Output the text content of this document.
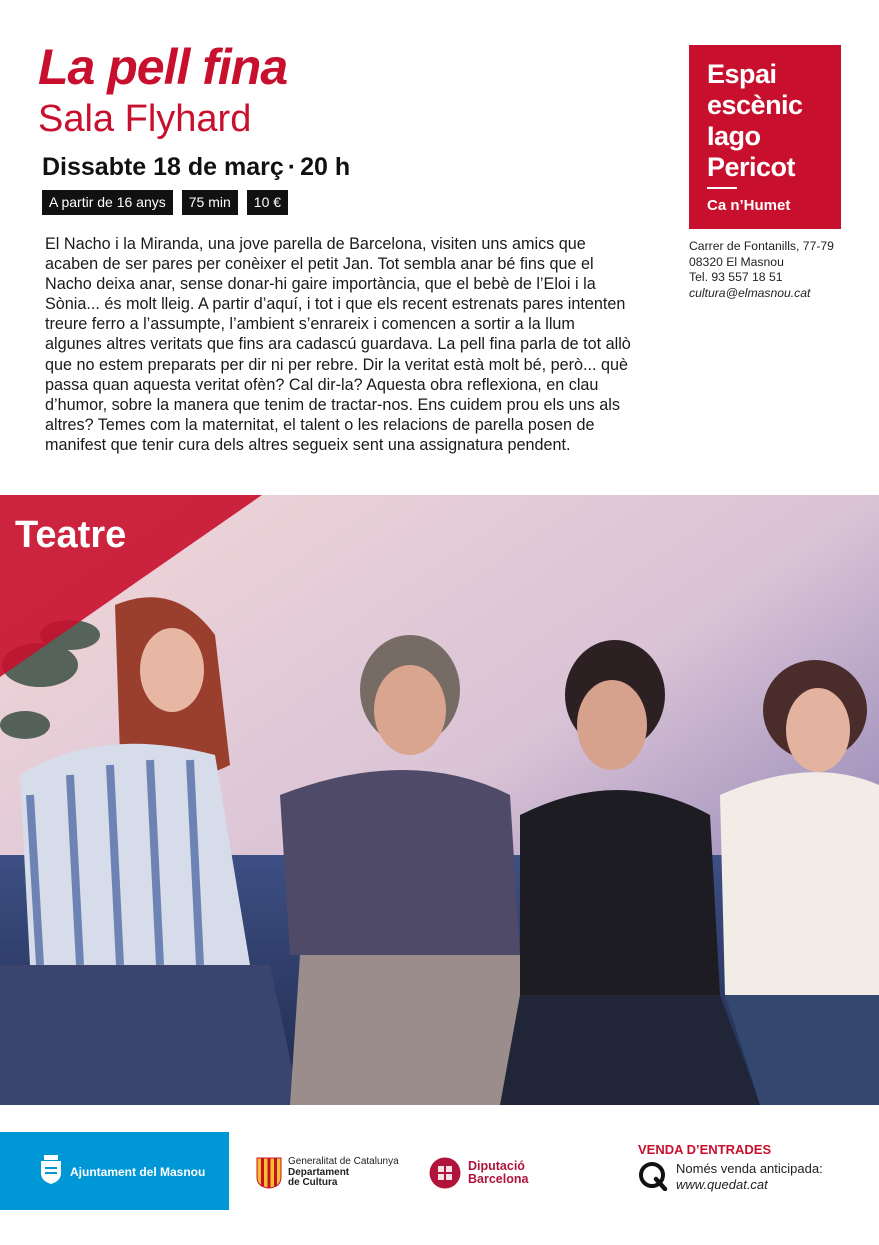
La pell fina
Sala Flyhard
Dissabte 18 de març · 20 h
A partir de 16 anys	75 min	10 €
El Nacho i la Miranda, una jove parella de Barcelona, visiten uns amics que acaben de ser pares per conèixer el petit Jan. Tot sembla anar bé fins que el Nacho deixa anar, sense donar-hi gaire importància, que el bebè de l’Eloi i la Sònia... és molt lleig. A partir d’aquí, i tot i que els recent estrenats pares intenten treure ferro a l’assumpte, l’ambient s’enrareix i comencen a sortir a la llum algunes altres veritats que fins ara cadascú guardava. La pell fina parla de tot allò que no estem preparats per dir ni per rebre. Dir la veritat està molt bé, però... què passa quan aquesta veritat ofèn? Cal dir-la? Aquesta obra reflexiona, en clau d’humor, sobre la manera que tenim de tractar-nos. Ens cuidem prou els uns als altres? Temes com la maternitat, el talent o les relacions de parella posen de manifest que tenir cura dels altres segueix sent una assignatura pendent.
Espai
escènic
Iago
Pericot
Ca n’Humet
Carrer de Fontanills, 77-79
08320 El Masnou
Tel. 93 557 18 51
cultura@elmasnou.cat
Teatre
Ajuntament del Masnou
Generalitat de Catalunya
Departament
de Cultura
Diputació
Barcelona
VENDA D’ENTRADES
Només venda anticipada:
www.quedat.cat
